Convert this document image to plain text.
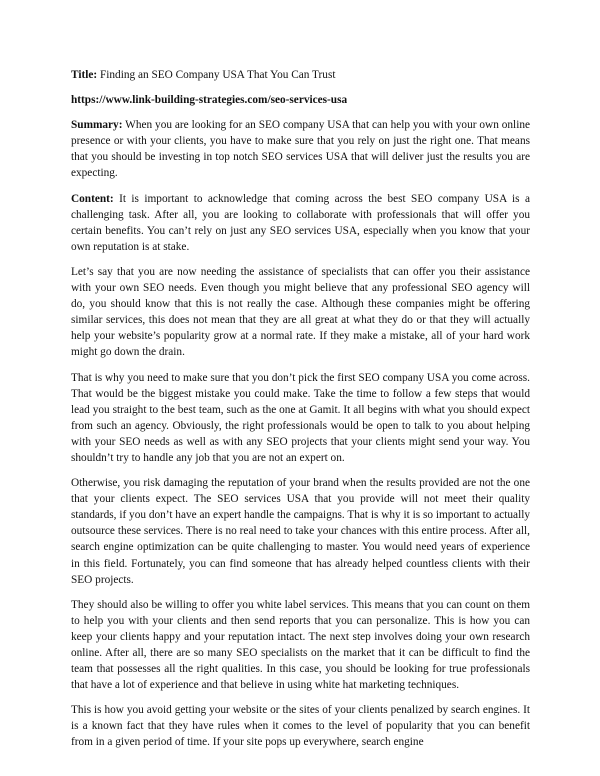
Title: Finding an SEO Company USA That You Can Trust
https://www.link-building-strategies.com/seo-services-usa
Summary: When you are looking for an SEO company USA that can help you with your own online presence or with your clients, you have to make sure that you rely on just the right one. That means that you should be investing in top notch SEO services USA that will deliver just the results you are expecting.
Content: It is important to acknowledge that coming across the best SEO company USA is a challenging task. After all, you are looking to collaborate with professionals that will offer you certain benefits. You can’t rely on just any SEO services USA, especially when you know that your own reputation is at stake.
Let’s say that you are now needing the assistance of specialists that can offer you their assistance with your own SEO needs. Even though you might believe that any professional SEO agency will do, you should know that this is not really the case. Although these companies might be offering similar services, this does not mean that they are all great at what they do or that they will actually help your website’s popularity grow at a normal rate. If they make a mistake, all of your hard work might go down the drain.
That is why you need to make sure that you don’t pick the first SEO company USA you come across. That would be the biggest mistake you could make. Take the time to follow a few steps that would lead you straight to the best team, such as the one at Gamit. It all begins with what you should expect from such an agency. Obviously, the right professionals would be open to talk to you about helping with your SEO needs as well as with any SEO projects that your clients might send your way. You shouldn’t try to handle any job that you are not an expert on.
Otherwise, you risk damaging the reputation of your brand when the results provided are not the one that your clients expect. The SEO services USA that you provide will not meet their quality standards, if you don’t have an expert handle the campaigns. That is why it is so important to actually outsource these services. There is no real need to take your chances with this entire process. After all, search engine optimization can be quite challenging to master. You would need years of experience in this field. Fortunately, you can find someone that has already helped countless clients with their SEO projects.
They should also be willing to offer you white label services. This means that you can count on them to help you with your clients and then send reports that you can personalize. This is how you can keep your clients happy and your reputation intact. The next step involves doing your own research online. After all, there are so many SEO specialists on the market that it can be difficult to find the team that possesses all the right qualities. In this case, you should be looking for true professionals that have a lot of experience and that believe in using white hat marketing techniques.
This is how you avoid getting your website or the sites of your clients penalized by search engines. It is a known fact that they have rules when it comes to the level of popularity that you can benefit from in a given period of time. If your site pops up everywhere, search engine
